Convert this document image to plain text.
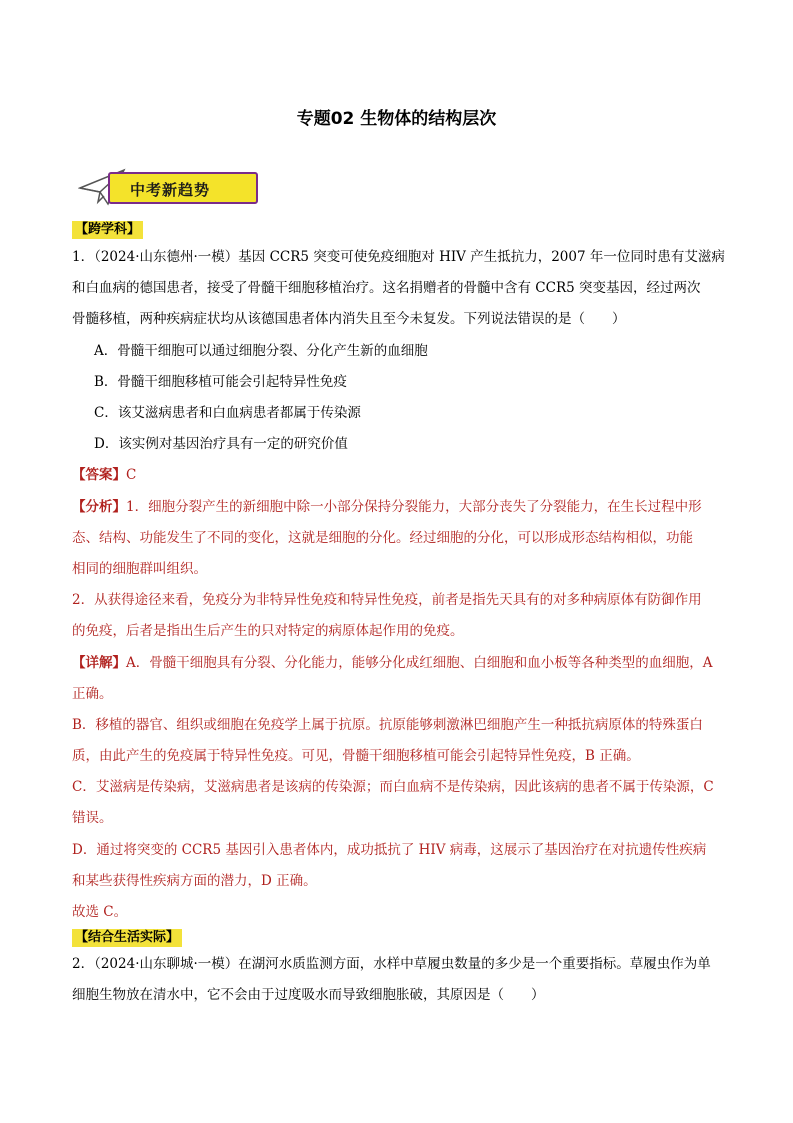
专题02 生物体的结构层次
中考新趋势
【跨学科】
1．（2024·山东德州·一模）基因 CCR5 突变可使免疫细胞对 HIV 产生抵抗力，2007 年一位同时患有艾滋病
和白血病的德国患者，接受了骨髓干细胞移植治疗。这名捐赠者的骨髓中含有 CCR5 突变基因，经过两次
骨髓移植，两种疾病症状均从该德国患者体内消失且至今未复发。下列说法错误的是（　　）
A．骨髓干细胞可以通过细胞分裂、分化产生新的血细胞
B．骨髓干细胞移植可能会引起特异性免疫
C．该艾滋病患者和白血病患者都属于传染源
D．该实例对基因治疗具有一定的研究价值
【答案】C
【分析】1．细胞分裂产生的新细胞中除一小部分保持分裂能力，大部分丧失了分裂能力，在生长过程中形
态、结构、功能发生了不同的变化，这就是细胞的分化。经过细胞的分化，可以形成形态结构相似，功能
相同的细胞群叫组织。
2．从获得途径来看，免疫分为非特异性免疫和特异性免疫，前者是指先天具有的对多种病原体有防御作用
的免疫，后者是指出生后产生的只对特定的病原体起作用的免疫。
【详解】A．骨髓干细胞具有分裂、分化能力，能够分化成红细胞、白细胞和血小板等各种类型的血细胞，A
正确。
B．移植的器官、组织或细胞在免疫学上属于抗原。抗原能够刺激淋巴细胞产生一种抵抗病原体的特殊蛋白
质，由此产生的免疫属于特异性免疫。可见，骨髓干细胞移植可能会引起特异性免疫，B 正确。
C．艾滋病是传染病，艾滋病患者是该病的传染源；而白血病不是传染病，因此该病的患者不属于传染源，C
错误。
D．通过将突变的 CCR5 基因引入患者体内，成功抵抗了 HIV 病毒，这展示了基因治疗在对抗遗传性疾病
和某些获得性疾病方面的潜力，D 正确。
故选 C。
【结合生活实际】
2．（2024·山东聊城·一模）在湖河水质监测方面，水样中草履虫数量的多少是一个重要指标。草履虫作为单
细胞生物放在清水中，它不会由于过度吸水而导致细胞胀破，其原因是（　　）
